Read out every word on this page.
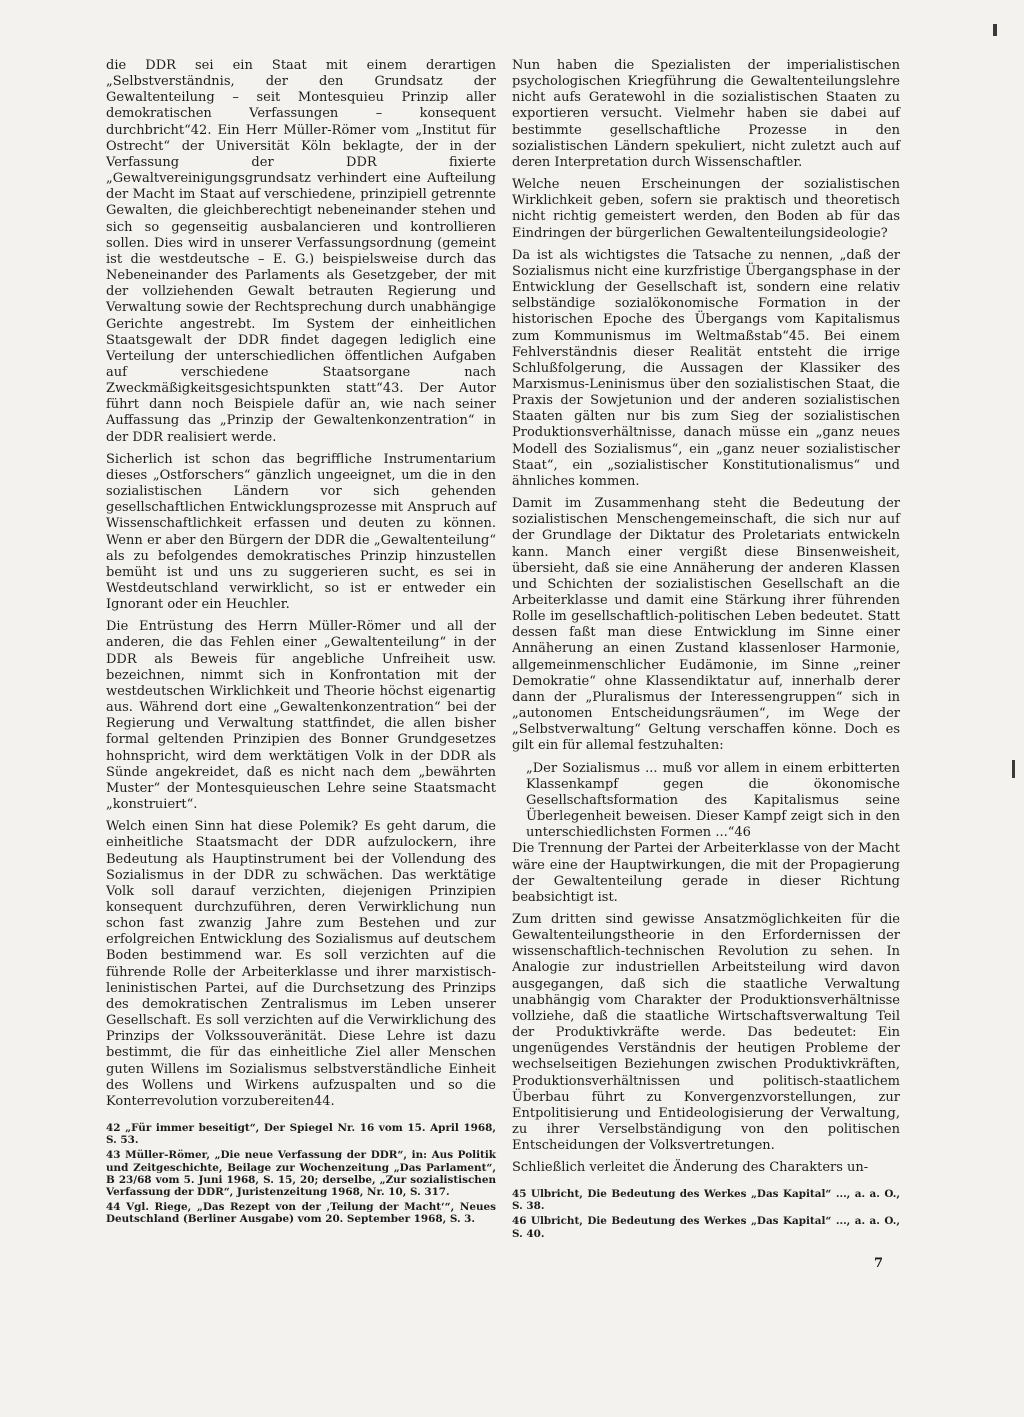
die DDR sei ein Staat mit einem derartigen „Selbstverständnis, der den Grundsatz der Gewaltenteilung – seit Montesquieu Prinzip aller demokratischen Verfassungen – konsequent durchbricht“42. Ein Herr Müller-Römer vom „Institut für Ostrecht“ der Universität Köln beklagte, der in der Verfassung der DDR fixierte „Gewaltvereinigungsgrundsatz verhindert eine Aufteilung der Macht im Staat auf verschiedene, prinzipiell getrennte Gewalten, die gleichberechtigt nebeneinander stehen und sich so gegenseitig ausbalancieren und kontrollieren sollen. Dies wird in unserer Verfassungsordnung (gemeint ist die westdeutsche – E. G.) beispielsweise durch das Nebeneinander des Parlaments als Gesetzgeber, der mit der vollziehenden Gewalt betrauten Regierung und Verwaltung sowie der Rechtsprechung durch unabhängige Gerichte angestrebt. Im System der einheitlichen Staatsgewalt der DDR findet dagegen lediglich eine Verteilung der unterschiedlichen öffentlichen Aufgaben auf verschiedene Staatsorgane nach Zweckmäßigkeitsgesichtspunkten statt“43. Der Autor führt dann noch Beispiele dafür an, wie nach seiner Auffassung das „Prinzip der Gewaltenkonzentration“ in der DDR realisiert werde.

Sicherlich ist schon das begriffliche Instrumentarium dieses „Ostforschers“ gänzlich ungeeignet, um die in den sozialistischen Ländern vor sich gehenden gesellschaftlichen Entwicklungsprozesse mit Anspruch auf Wissenschaftlichkeit erfassen und deuten zu können. Wenn er aber den Bürgern der DDR die „Gewaltenteilung“ als zu befolgendes demokratisches Prinzip hinzustellen bemüht ist und uns zu suggerieren sucht, es sei in Westdeutschland verwirklicht, so ist er entweder ein Ignorant oder ein Heuchler.

Die Entrüstung des Herrn Müller-Römer und all der anderen, die das Fehlen einer „Gewaltenteilung“ in der DDR als Beweis für angebliche Unfreiheit usw. bezeichnen, nimmt sich in Konfrontation mit der westdeutschen Wirklichkeit und Theorie höchst eigenartig aus. Während dort eine „Gewaltenkonzentration“ bei der Regierung und Verwaltung stattfindet, die allen bisher formal geltenden Prinzipien des Bonner Grundgesetzes hohnspricht, wird dem werktätigen Volk in der DDR als Sünde angekreidet, daß es nicht nach dem „bewährten Muster“ der Montesquieuschen Lehre seine Staatsmacht „konstruiert“.

Welch einen Sinn hat diese Polemik? Es geht darum, die einheitliche Staatsmacht der DDR aufzulockern, ihre Bedeutung als Hauptinstrument bei der Vollendung des Sozialismus in der DDR zu schwächen. Das werktätige Volk soll darauf verzichten, diejenigen Prinzipien konsequent durchzuführen, deren Verwirklichung nun schon fast zwanzig Jahre zum Bestehen und zur erfolgreichen Entwicklung des Sozialismus auf deutschem Boden bestimmend war. Es soll verzichten auf die führende Rolle der Arbeiterklasse und ihrer marxistisch-leninistischen Partei, auf die Durchsetzung des Prinzips des demokratischen Zentralismus im Leben unserer Gesellschaft. Es soll verzichten auf die Verwirklichung des Prinzips der Volkssouveränität. Diese Lehre ist dazu bestimmt, die für das einheitliche Ziel aller Menschen guten Willens im Sozialismus selbstverständliche Einheit des Wollens und Wirkens aufzuspalten und so die Konterrevolution vorzubereiten44.

42 „Für immer beseitigt“, Der Spiegel Nr. 16 vom 15. April 1968, S. 53.

43 Müller-Römer, „Die neue Verfassung der DDR“, in: Aus Politik und Zeitgeschichte, Beilage zur Wochenzeitung „Das Parlament“, B 23/68 vom 5. Juni 1968, S. 15, 20; derselbe, „Zur sozialistischen Verfassung der DDR“, Juristenzeitung 1968, Nr. 10, S. 317.

44 Vgl. Riege, „Das Rezept von der ‚Teilung der Macht‘“, Neues Deutschland (Berliner Ausgabe) vom 20. September 1968, S. 3.

Nun haben die Spezialisten der imperialistischen psychologischen Kriegführung die Gewaltenteilungslehre nicht aufs Geratewohl in die sozialistischen Staaten zu exportieren versucht. Vielmehr haben sie dabei auf bestimmte gesellschaftliche Prozesse in den sozialistischen Ländern spekuliert, nicht zuletzt auch auf deren Interpretation durch Wissenschaftler.

Welche neuen Erscheinungen der sozialistischen Wirklichkeit geben, sofern sie praktisch und theoretisch nicht richtig gemeistert werden, den Boden ab für das Eindringen der bürgerlichen Gewaltenteilungsideologie?

Da ist als wichtigstes die Tatsache zu nennen, „daß der Sozialismus nicht eine kurzfristige Übergangsphase in der Entwicklung der Gesellschaft ist, sondern eine relativ selbständige sozialökonomische Formation in der historischen Epoche des Übergangs vom Kapitalismus zum Kommunismus im Weltmaßstab“45. Bei einem Fehlverständnis dieser Realität entsteht die irrige Schlußfolgerung, die Aussagen der Klassiker des Marxismus-Leninismus über den sozialistischen Staat, die Praxis der Sowjetunion und der anderen sozialistischen Staaten gälten nur bis zum Sieg der sozialistischen Produktionsverhältnisse, danach müsse ein „ganz neues Modell des Sozialismus“, ein „ganz neuer sozialistischer Staat“, ein „sozialistischer Konstitutionalismus“ und ähnliches kommen.

Damit im Zusammenhang steht die Bedeutung der sozialistischen Menschengemeinschaft, die sich nur auf der Grundlage der Diktatur des Proletariats entwickeln kann. Manch einer vergißt diese Binsenweisheit, übersieht, daß sie eine Annäherung der anderen Klassen und Schichten der sozialistischen Gesellschaft an die Arbeiterklasse und damit eine Stärkung ihrer führenden Rolle im gesellschaftlich-politischen Leben bedeutet. Statt dessen faßt man diese Entwicklung im Sinne einer Annäherung an einen Zustand klassenloser Harmonie, allgemeinmenschlicher Eudämonie, im Sinne „reiner Demokratie“ ohne Klassendiktatur auf, innerhalb derer dann der „Pluralismus der Interessengruppen“ sich in „autonomen Entscheidungsräumen“, im Wege der „Selbstverwaltung“ Geltung verschaffen könne. Doch es gilt ein für allemal festzuhalten:

„Der Sozialismus ... muß vor allem in einem erbitterten Klassenkampf gegen die ökonomische Gesellschaftsformation des Kapitalismus seine Überlegenheit beweisen. Dieser Kampf zeigt sich in den unterschiedlichsten Formen ...“46

Die Trennung der Partei der Arbeiterklasse von der Macht wäre eine der Hauptwirkungen, die mit der Propagierung der Gewaltenteilung gerade in dieser Richtung beabsichtigt ist.

Zum dritten sind gewisse Ansatzmöglichkeiten für die Gewaltenteilungstheorie in den Erfordernissen der wissenschaftlich-technischen Revolution zu sehen. In Analogie zur industriellen Arbeitsteilung wird davon ausgegangen, daß sich die staatliche Verwaltung unabhängig vom Charakter der Produktionsverhältnisse vollziehe, daß die staatliche Wirtschaftsverwaltung Teil der Produktivkräfte werde. Das bedeutet: Ein ungenügendes Verständnis der heutigen Probleme der wechselseitigen Beziehungen zwischen Produktivkräften, Produktionsverhältnissen und politisch-staatlichem Überbau führt zu Konvergenzvorstellungen, zur Entpolitisierung und Entideologisierung der Verwaltung, zu ihrer Verselbständigung von den politischen Entscheidungen der Volksvertretungen.

Schließlich verleitet die Änderung des Charakters un-

45 Ulbricht, Die Bedeutung des Werkes „Das Kapital“ ..., a. a. O., S. 38.

46 Ulbricht, Die Bedeutung des Werkes „Das Kapital“ ..., a. a. O., S. 40.

7
